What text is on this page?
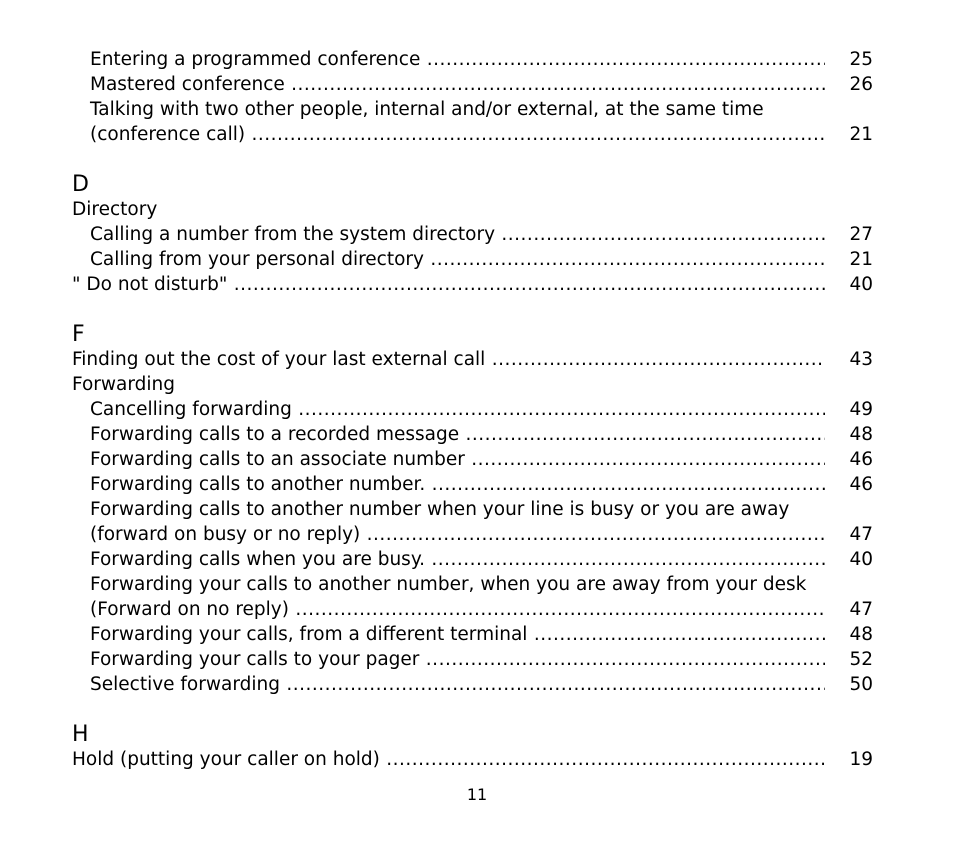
Entering a programmed conference .....	25
Mastered conference .....	26
Talking with two other people, internal and/or external, at the same time
(conference call) .....	21
D
Directory
Calling a number from the system directory .....	27
Calling from your personal directory .....	21
" Do not disturb" .....	40
F
Finding out the cost of your last external call .....	43
Forwarding
Cancelling forwarding .....	49
Forwarding calls to a recorded message .....	48
Forwarding calls to an associate number .....	46
Forwarding calls to another number. .....	46
Forwarding calls to another number when your line is busy or you are away
(forward on busy or no reply) .....	47
Forwarding calls when you are busy. .....	40
Forwarding your calls to another number, when you are away from your desk
(Forward on no reply) .....	47
Forwarding your calls, from a different terminal .....	48
Forwarding your calls to your pager .....	52
Selective forwarding .....	50
H
Hold (putting your caller on hold) .....	19
11
